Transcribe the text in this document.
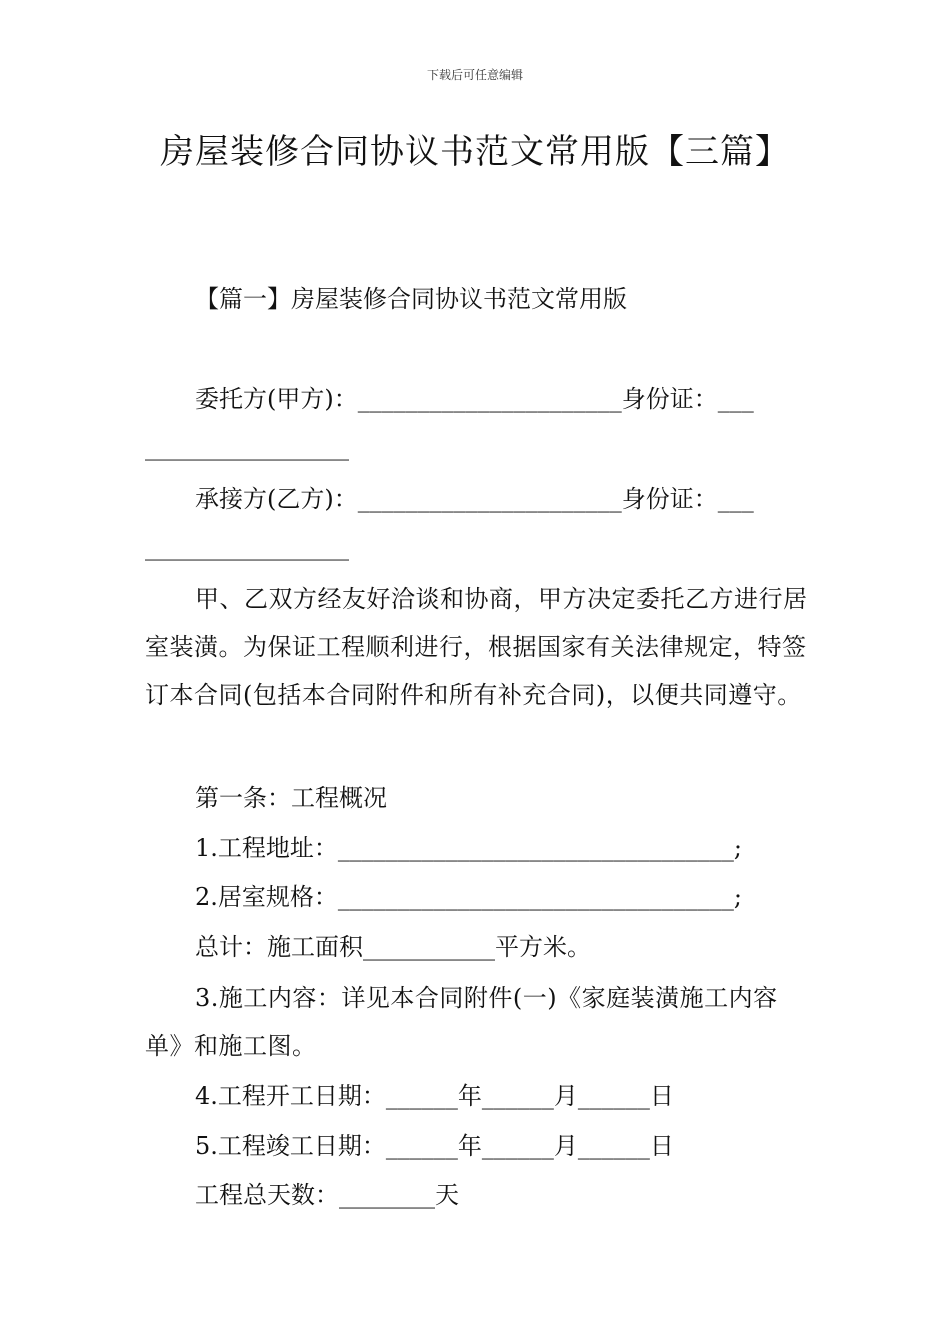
下载后可任意编辑
房屋装修合同协议书范文常用版【三篇】
【篇一】房屋装修合同协议书范文常用版
委托方(甲方)：______________________身份证：___
_________________
承接方(乙方)：______________________身份证：___
_________________
甲、乙双方经友好洽谈和协商，甲方决定委托乙方进行居室装潢。为保证工程顺利进行，根据国家有关法律规定，特签订本合同(包括本合同附件和所有补充合同)，以便共同遵守。
第一条：工程概况
1.工程地址：_________________________________;
2.居室规格：_________________________________;
总计：施工面积___________平方米。
3.施工内容：详见本合同附件(一)《家庭装潢施工内容单》和施工图。
4.工程开工日期：______年______月______日
5.工程竣工日期：______年______月______日
工程总天数：________天
